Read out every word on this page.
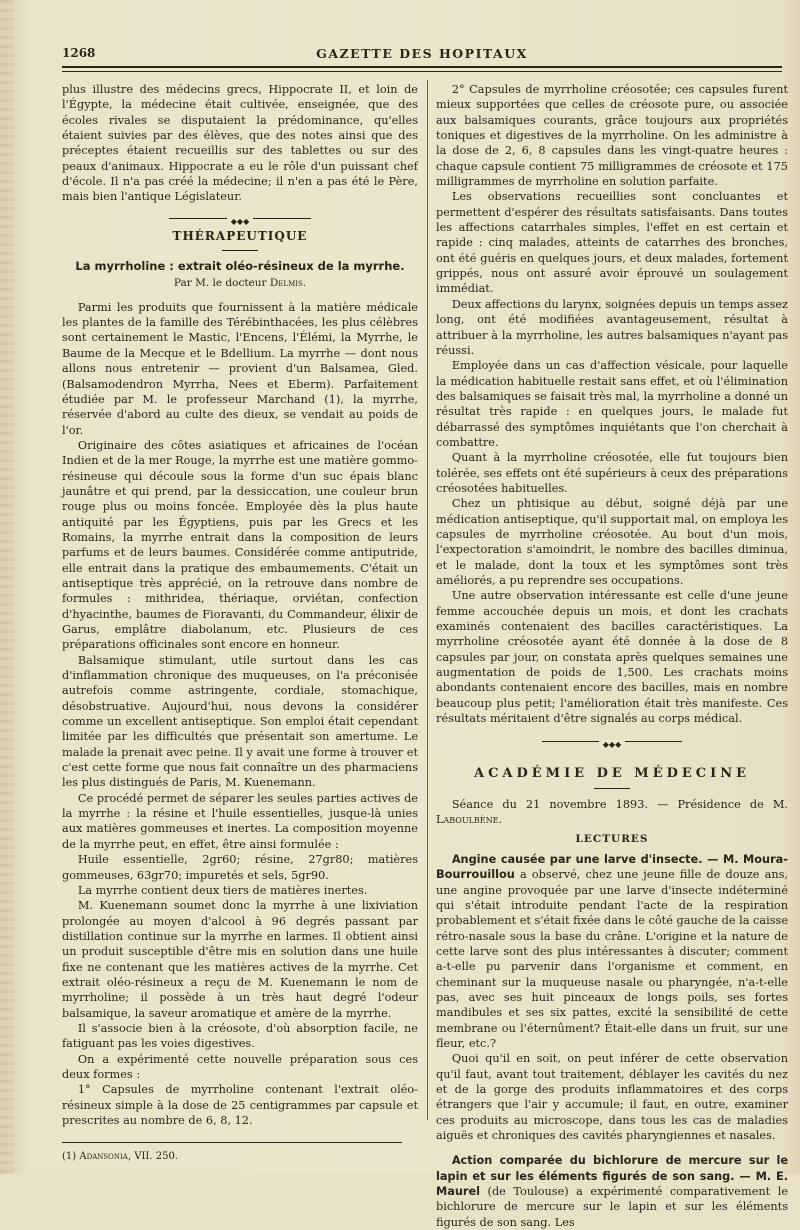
1268	GAZETTE DES HOPITAUX

plus illustre des médecins grecs, Hippocrate II, et loin de l'Égypte, la médecine était cultivée, enseignée, que des écoles rivales se disputaient la prédominance, qu'elles étaient suivies par des élèves, que des notes ainsi que des préceptes étaient recueillis sur des tablettes ou sur des peaux d'animaux. Hippocrate a eu le rôle d'un puissant chef d'école. Il n'a pas créé la médecine; il n'en a pas été le Père, mais bien l'antique Législateur.

◆◆◆
THÉRAPEUTIQUE
La myrrholine : extrait oléo-résineux de la myrrhe.
Par M. le docteur Delmis.

Parmi les produits que fournissent à la matière médicale les plantes de la famille des Térébinthacées, les plus célèbres sont certainement le Mastic, l'Encens, l'Élémi, la Myrrhe, le Baume de la Mecque et le Bdellium. La myrrhe — dont nous allons nous entretenir — provient d'un Balsamea, Gled. (Balsamodendron Myrrha, Nees et Eberm). Parfaitement étudiée par M. le professeur Marchand (1), la myrrhe, réservée d'abord au culte des dieux, se vendait au poids de l'or.

Originaire des côtes asiatiques et africaines de l'océan Indien et de la mer Rouge, la myrrhe est une matière gommo-résineuse qui découle sous la forme d'un suc épais blanc jaunâtre et qui prend, par la dessiccation, une couleur brun rouge plus ou moins foncée. Employée dès la plus haute antiquité par les Égyptiens, puis par les Grecs et les Romains, la myrrhe entrait dans la composition de leurs parfums et de leurs baumes. Considérée comme antiputride, elle entrait dans la pratique des embaumements. C'était un antiseptique très apprécié, on la retrouve dans nombre de formules : mithridea, thériaque, orviétan, confection d'hyacinthe, baumes de Fioravanti, du Commandeur, élixir de Garus, emplâtre diabolanum, etc. Plusieurs de ces préparations officinales sont encore en honneur.

Balsamique stimulant, utile surtout dans les cas d'inflammation chronique des muqueuses, on l'a préconisée autrefois comme astringente, cordiale, stomachique, désobstruative. Aujourd'hui, nous devons la considérer comme un excellent antiseptique. Son emploi était cependant limitée par les difficultés que présentait son amertume. Le malade la prenait avec peine. Il y avait une forme à trouver et c'est cette forme que nous fait connaître un des pharmaciens les plus distingués de Paris, M. Kuenemann.

Ce procédé permet de séparer les seules parties actives de la myrrhe : la résine et l'huile essentielles, jusque-là unies aux matières gommeuses et inertes. La composition moyenne de la myrrhe peut, en effet, être ainsi formulée :

Huile essentielle, 2gr60; résine, 27gr80; matières gommeuses, 63gr70; impuretés et sels, 5gr90.

La myrrhe contient deux tiers de matières inertes.

M. Kuenemann soumet donc la myrrhe à une lixiviation prolongée au moyen d'alcool à 96 degrés passant par distillation continue sur la myrrhe en larmes. Il obtient ainsi un produit susceptible d'être mis en solution dans une huile fixe ne contenant que les matières actives de la myrrhe. Cet extrait oléo-résineux a reçu de M. Kuenemann le nom de myrrholine; il possède à un très haut degré l'odeur balsamique, la saveur aromatique et amère de la myrrhe.

Il s'associe bien à la créosote, d'où absorption facile, ne fatiguant pas les voies digestives.

On a expérimenté cette nouvelle préparation sous ces deux formes :

1° Capsules de myrrholine contenant l'extrait oléo-résineux simple à la dose de 25 centigrammes par capsule et prescrites au nombre de 6, 8, 12.

(1) Adansonia, VII. 250.

2° Capsules de myrrholine créosotée; ces capsules furent mieux supportées que celles de créosote pure, ou associée aux balsamiques courants, grâce toujours aux propriétés toniques et digestives de la myrrholine. On les administre à la dose de 2, 6, 8 capsules dans les vingt-quatre heures : chaque capsule contient 75 milligrammes de créosote et 175 milligrammes de myrrholine en solution parfaite.

Les observations recueillies sont concluantes et permettent d'espérer des résultats satisfaisants. Dans toutes les affections catarrhales simples, l'effet en est certain et rapide : cinq malades, atteints de catarrhes des bronches, ont été guéris en quelques jours, et deux malades, fortement grippés, nous ont assuré avoir éprouvé un soulagement immédiat.

Deux affections du larynx, soignées depuis un temps assez long, ont été modifiées avantageusement, résultat à attribuer à la myrrholine, les autres balsamiques n'ayant pas réussi.

Employée dans un cas d'affection vésicale, pour laquelle la médication habituelle restait sans effet, et où l'élimination des balsamiques se faisait très mal, la myrrholine a donné un résultat très rapide : en quelques jours, le malade fut débarrassé des symptômes inquiétants que l'on cherchait à combattre.

Quant à la myrrholine créosotée, elle fut toujours bien tolérée, ses effets ont été supérieurs à ceux des préparations créosotées habituelles.

Chez un phtisique au début, soigné déjà par une médication antiseptique, qu'il supportait mal, on employa les capsules de myrrholine créosotée. Au bout d'un mois, l'expectoration s'amoindrit, le nombre des bacilles diminua, et le malade, dont la toux et les symptômes sont très améliorés, a pu reprendre ses occupations.

Une autre observation intéressante est celle d'une jeune femme accouchée depuis un mois, et dont les crachats examinés contenaient des bacilles caractéristiques. La myrrholine créosotée ayant été donnée à la dose de 8 capsules par jour, on constata après quelques semaines une augmentation de poids de 1,500. Les crachats moins abondants contenaient encore des bacilles, mais en nombre beaucoup plus petit; l'amélioration était très manifeste. Ces résultats méritaient d'être signalés au corps médical.

◆◆◆
ACADÉMIE DE MÉDECINE

Séance du 21 novembre 1893. — Présidence de M. Laboulbène.

LECTURES

Angine causée par une larve d'insecte. — M. Moura-Bourrouillou a observé, chez une jeune fille de douze ans, une angine provoquée par une larve d'insecte indéterminé qui s'était introduite pendant l'acte de la respiration probablement et s'était fixée dans le côté gauche de la caisse rétro-nasale sous la base du crâne. L'origine et la nature de cette larve sont des plus intéressantes à discuter; comment a-t-elle pu parvenir dans l'organisme et comment, en cheminant sur la muqueuse nasale ou pharyngée, n'a-t-elle pas, avec ses huit pinceaux de longs poils, ses fortes mandibules et ses six pattes, excité la sensibilité de cette membrane ou l'éternûment? Était-elle dans un fruit, sur une fleur, etc.?

Quoi qu'il en soit, on peut inférer de cette observation qu'il faut, avant tout traitement, déblayer les cavités du nez et de la gorge des produits inflammatoires et des corps étrangers que l'air y accumule; il faut, en outre, examiner ces produits au microscope, dans tous les cas de maladies aiguës et chroniques des cavités pharyngiennes et nasales.

Action comparée du bichlorure de mercure sur le lapin et sur les éléments figurés de son sang. — M. E. Maurel (de Toulouse) a expérimenté comparativement le bichlorure de mercure sur le lapin et sur les éléments figurés de son sang. Les
